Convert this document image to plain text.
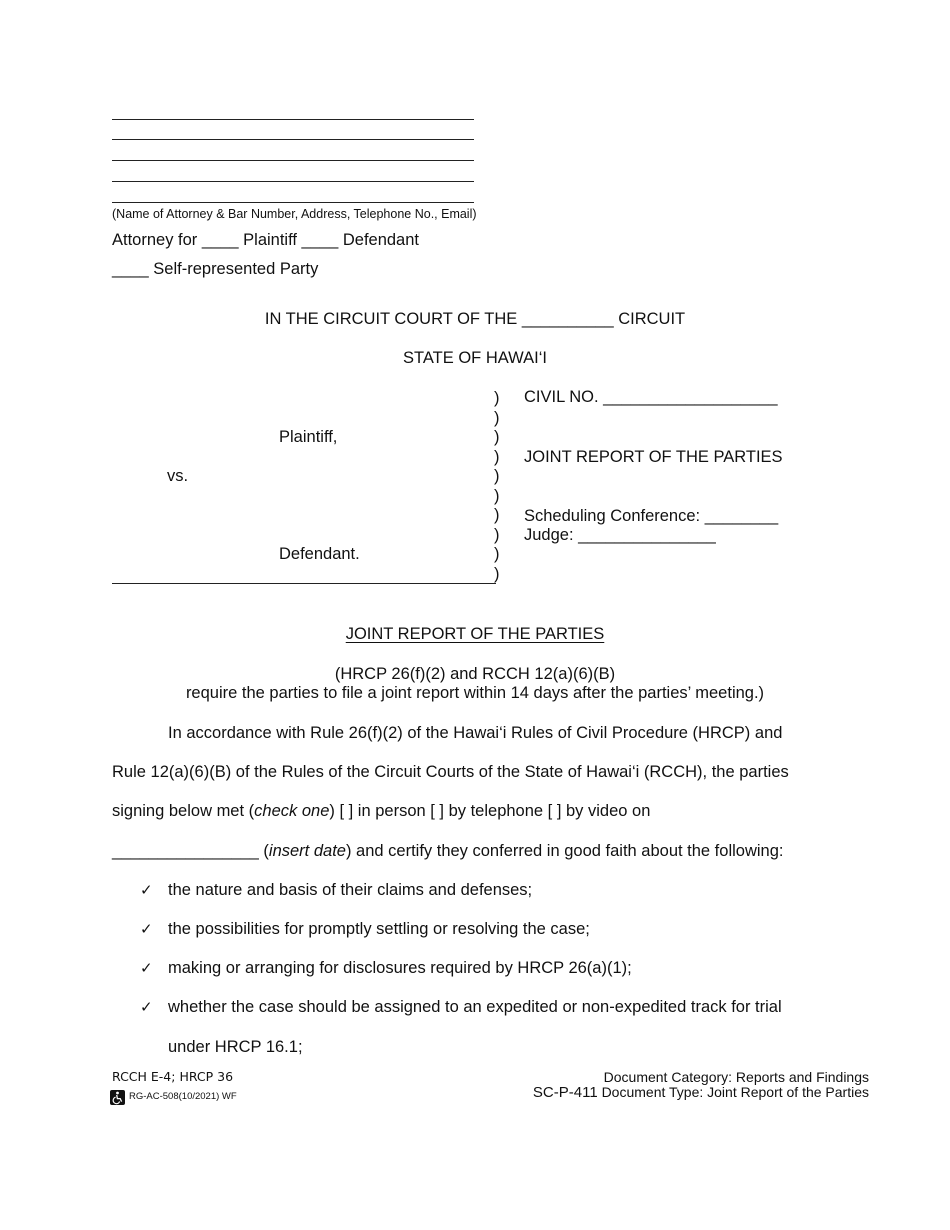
(Name of Attorney & Bar Number, Address, Telephone No., Email)
Attorney for ____ Plaintiff ____ Defendant
____ Self-represented Party
IN THE CIRCUIT COURT OF THE __________ CIRCUIT
STATE OF HAWAI‘I
)
)
)
)
)
)
)
)
)
)
Plaintiff,
vs.
Defendant.
CIVIL NO. ___________________
JOINT REPORT OF THE PARTIES
Scheduling Conference: ________
Judge: _______________
JOINT REPORT OF THE PARTIES
(HRCP 26(f)(2) and RCCH 12(a)(6)(B)
require the parties to file a joint report within 14 days after the parties’ meeting.)
In accordance with Rule 26(f)(2) of the Hawai‘i Rules of Civil Procedure (HRCP) and
Rule 12(a)(6)(B) of the Rules of the Circuit Courts of the State of Hawai‘i (RCCH), the parties
signing below met (check one) [ ] in person [ ] by telephone [ ] by video on
________________ (insert date) and certify they conferred in good faith about the following:
✓ the nature and basis of their claims and defenses;
✓ the possibilities for promptly settling or resolving the case;
✓ making or arranging for disclosures required by HRCP 26(a)(1);
✓ whether the case should be assigned to an expedited or non-expedited track for trial
under HRCP 16.1;
RCCH E-4; HRCP 36
RG-AC-508(10/2021) WF
Document Category: Reports and Findings
SC-P-411 Document Type: Joint Report of the Parties
